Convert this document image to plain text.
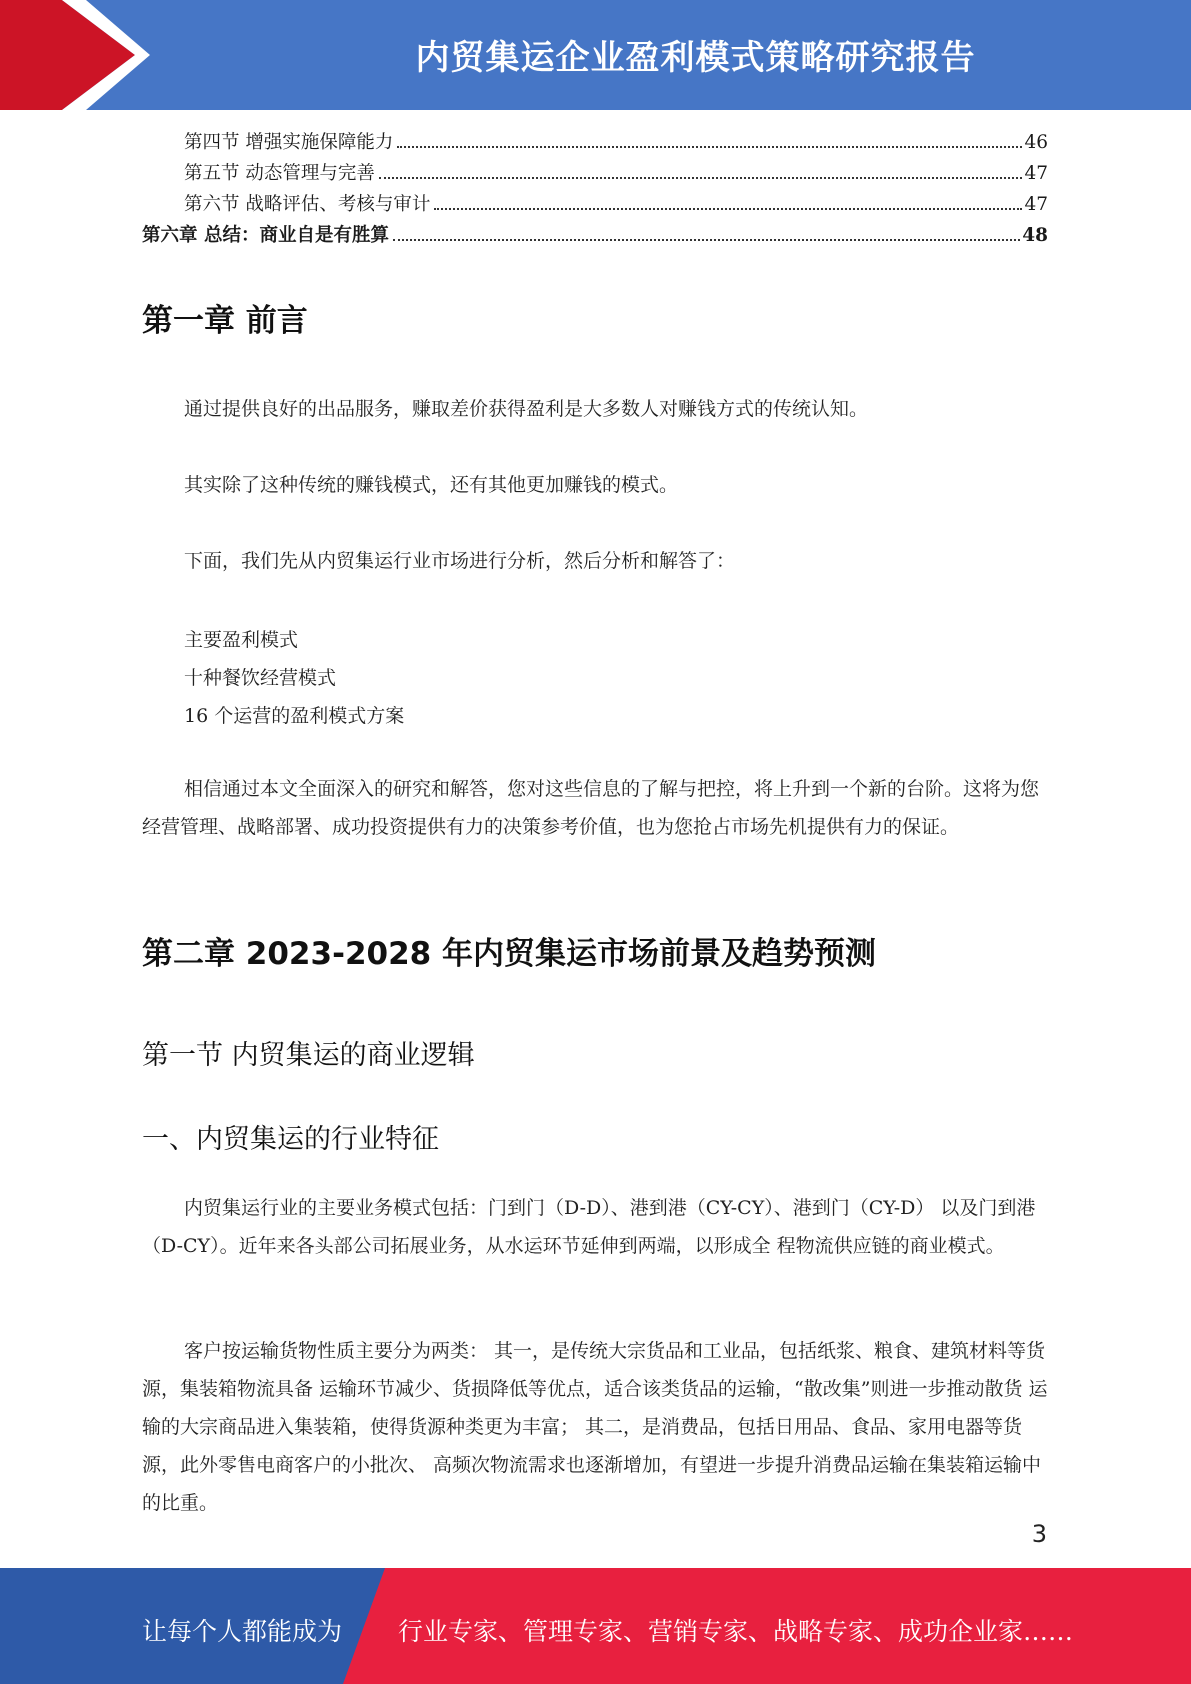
内贸集运企业盈利模式策略研究报告
第四节 增强实施保障能力	46
第五节 动态管理与完善	47
第六节 战略评估、考核与审计	47
第六章 总结：商业自是有胜算	48
第一章 前言
通过提供良好的出品服务，赚取差价获得盈利是大多数人对赚钱方式的传统认知。
其实除了这种传统的赚钱模式，还有其他更加赚钱的模式。
下面，我们先从内贸集运行业市场进行分析，然后分析和解答了：
主要盈利模式
十种餐饮经营模式
16 个运营的盈利模式方案
相信通过本文全面深入的研究和解答，您对这些信息的了解与把控，将上升到一个新的台阶。这将为您经营管理、战略部署、成功投资提供有力的决策参考价值，也为您抢占市场先机提供有力的保证。
第二章 2023-2028 年内贸集运市场前景及趋势预测
第一节 内贸集运的商业逻辑
一、内贸集运的行业特征
内贸集运行业的主要业务模式包括：门到门（D-D）、港到港（CY-CY）、港到门（CY-D） 以及门到港（D-CY）。近年来各头部公司拓展业务，从水运环节延伸到两端，以形成全 程物流供应链的商业模式。
客户按运输货物性质主要分为两类： 其一，是传统大宗货品和工业品，包括纸浆、粮食、建筑材料等货源，集装箱物流具备 运输环节减少、货损降低等优点，适合该类货品的运输，“散改集”则进一步推动散货 运输的大宗商品进入集装箱，使得货源种类更为丰富； 其二，是消费品，包括日用品、食品、家用电器等货源，此外零售电商客户的小批次、 高频次物流需求也逐渐增加，有望进一步提升消费品运输在集装箱运输中的比重。
3
让每个人都能成为 行业专家、管理专家、营销专家、战略专家、成功企业家……
